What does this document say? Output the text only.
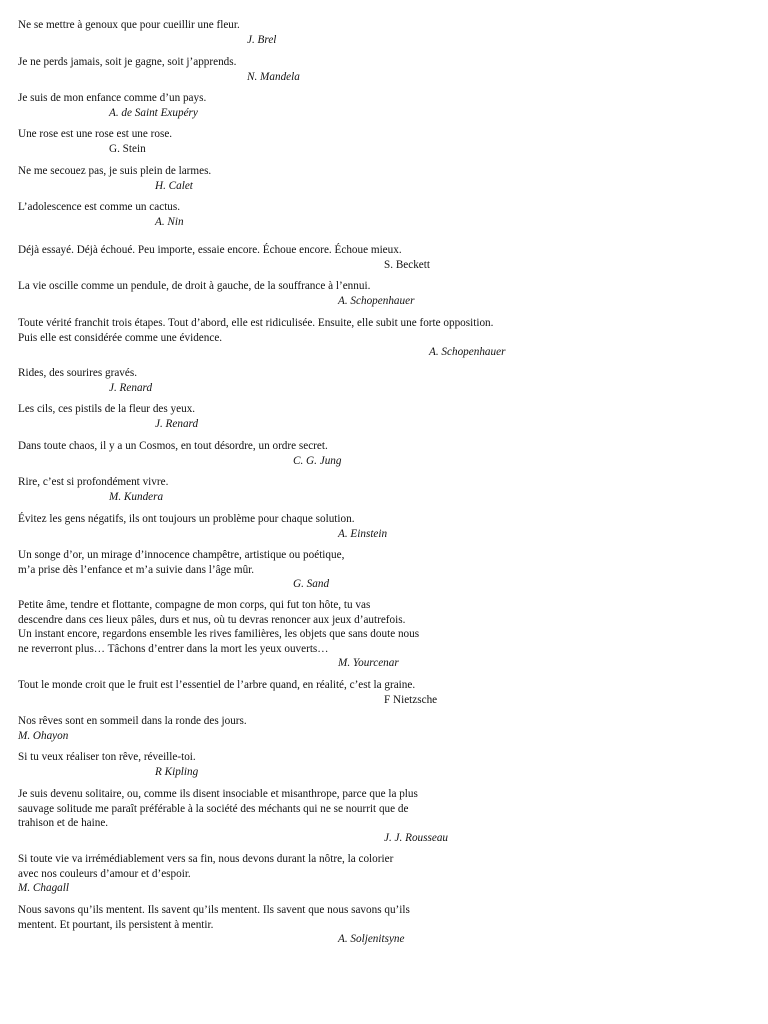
Ne se mettre à genoux que pour cueillir une fleur.
J. Brel
Je ne perds jamais, soit je gagne, soit j’apprends.
N. Mandela
Je suis de mon enfance comme d’un pays.
A. de Saint Exupéry
Une rose est une rose est une rose.
G. Stein
Ne me secouez pas, je suis plein de larmes.
H. Calet
L’adolescence est comme un cactus.
A. Nin
Déjà essayé. Déjà échoué. Peu importe, essaie encore. Échoue encore. Échoue mieux.
S. Beckett
La vie oscille comme un pendule, de droit à gauche, de la souffrance à l’ennui.
A. Schopenhauer
Toute vérité franchit trois étapes. Tout d’abord, elle est ridiculisée. Ensuite, elle subit une forte opposition.
Puis elle est considérée comme une évidence.
A. Schopenhauer
Rides, des sourires gravés.
J. Renard
Les cils, ces pistils de la fleur des yeux.
J. Renard
Dans toute chaos, il y a un Cosmos, en tout désordre, un ordre secret.
C. G. Jung
Rire, c’est si profondément vivre.
M. Kundera
Évitez les gens négatifs, ils ont toujours un problème pour chaque solution.
A. Einstein
Un songe d’or, un mirage d’innocence champêtre, artistique ou poétique,
m’a prise dès l’enfance et m’a suivie dans l’âge mûr.
G. Sand
Petite âme, tendre et flottante, compagne de mon corps, qui fut ton hôte, tu vas
descendre dans ces lieux pâles, durs et nus, où tu devras renoncer aux jeux d’autrefois.
Un instant encore, regardons ensemble les rives familières, les objets que sans doute nous
ne reverront plus… Tâchons d’entrer dans la mort les yeux ouverts…
M. Yourcenar
Tout le monde croit que le fruit est l’essentiel de l’arbre quand, en réalité, c’est la graine.
F Nietzsche
Nos rêves sont en sommeil dans la ronde des jours.
M. Ohayon
Si tu veux réaliser ton rêve, réveille-toi.
R Kipling
Je suis devenu solitaire, ou, comme ils disent insociable et misanthrope, parce que la plus
sauvage solitude me paraît préférable à la société des méchants qui ne se nourrit que de
trahison et de haine.
J. J. Rousseau
Si toute vie va irrémédiablement vers sa fin, nous devons durant la nôtre, la colorier
avec nos couleurs d’amour et d’espoir.
M. Chagall
Nous savons qu’ils mentent. Ils savent qu’ils mentent. Ils savent que nous savons qu’ils
mentent. Et pourtant, ils persistent à mentir.
A. Soljenitsyne
